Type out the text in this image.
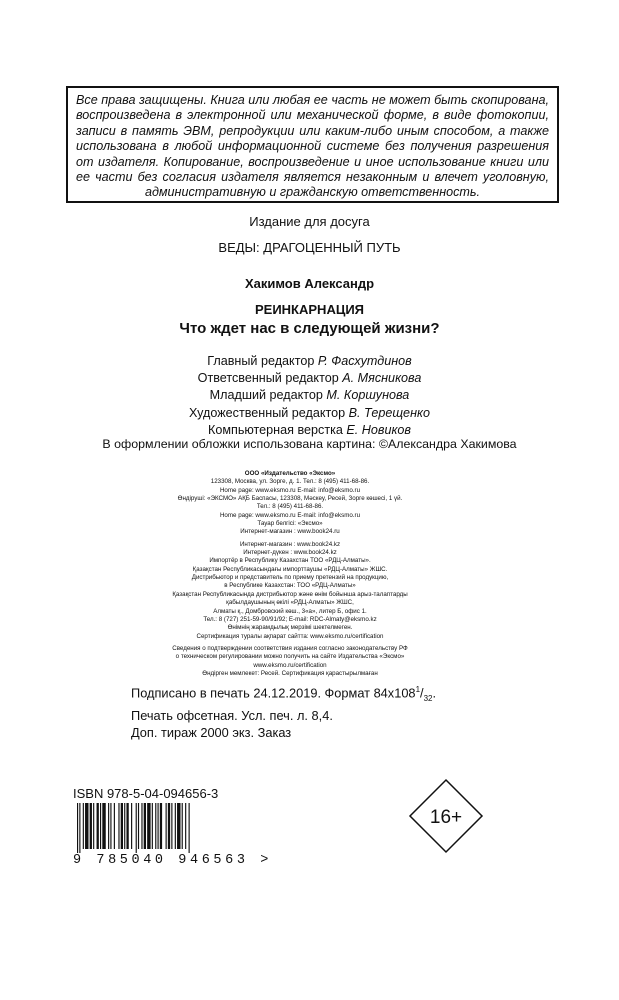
Все права защищены. Книга или любая ее часть не может быть скопирована, воспроизведена в электронной или механической форме, в виде фотокопии, записи в память ЭВМ, репродукции или каким-либо иным способом, а также использована в любой информационной системе без получения разрешения от издателя. Копирование, воспроизведение и иное использование книги или ее части без согласия издателя является незаконным и влечет уголовную, административную и гражданскую ответственность.

Издание для досуга
ВЕДЫ: ДРАГОЦЕННЫЙ ПУТЬ
Хакимов Александр
РЕИНКАРНАЦИЯ
Что ждет нас в следующей жизни?
Главный редактор Р. Фасхутдинов
Ответсвенный редактор А. Мясникова
Младший редактор М. Коршунова
Художественный редактор В. Терещенко
Компьютерная верстка Е. Новиков
В оформлении обложки использована картина: ©Александра Хакимова
ООО «Издательство «Эксмо»
123308, Москва, ул. Зорге, д. 1. Тел.: 8 (495) 411-68-86.
Home page: www.eksmo.ru E-mail: info@eksmo.ru
Өндіруші: «ЭКСМО» АҚБ Баспасы, 123308, Мәскеу, Ресей, Зорге көшесі, 1 үй.
Тел.: 8 (495) 411-68-86.
Home page: www.eksmo.ru E-mail: info@eksmo.ru
Тауар белгісі: «Эксмо»
Интернет-магазин : www.book24.ru
Интернет-магазин : www.book24.kz
Интернет-дүкен : www.book24.kz
Импортёр в Республику Казахстан ТОО «РДЦ-Алматы».
Қазақстан Республикасындағы импорттаушы «РДЦ-Алматы» ЖШС.
Дистрибьютор и представитель по приему претензий на продукцию,
в Республике Казахстан: ТОО «РДЦ-Алматы»
Қазақстан Республикасында дистрибьютор және өнім бойынша арыз-талаптарды
қабылдаушының өкілі «РДЦ-Алматы» ЖШС,
Алматы қ., Домбровский көш., 3«а», литер Б, офис 1.
Тел.: 8 (727) 251-59-90/91/92; E-mail: RDC-Almaty@eksmo.kz
Өнімнің жарамдылық мерзімі шектелмеген.
Сертификация туралы ақпарат сайтта: www.eksmo.ru/certification
Сведения о подтверждении соответствия издания согласно законодательству РФ
о техническом регулировании можно получить на сайте Издательства «Эксмо»
www.eksmo.ru/certification
Өндірген мемлекет: Ресей. Сертификация қарастырылмаған
Подписано в печать 24.12.2019. Формат $84x108^1/_{32}$.
Печать офсетная. Усл. печ. л. 8,4.
Доп. тираж 2000 экз. Заказ
ISBN 978-5-04-094656-3
9 785040 946563 >
16+
